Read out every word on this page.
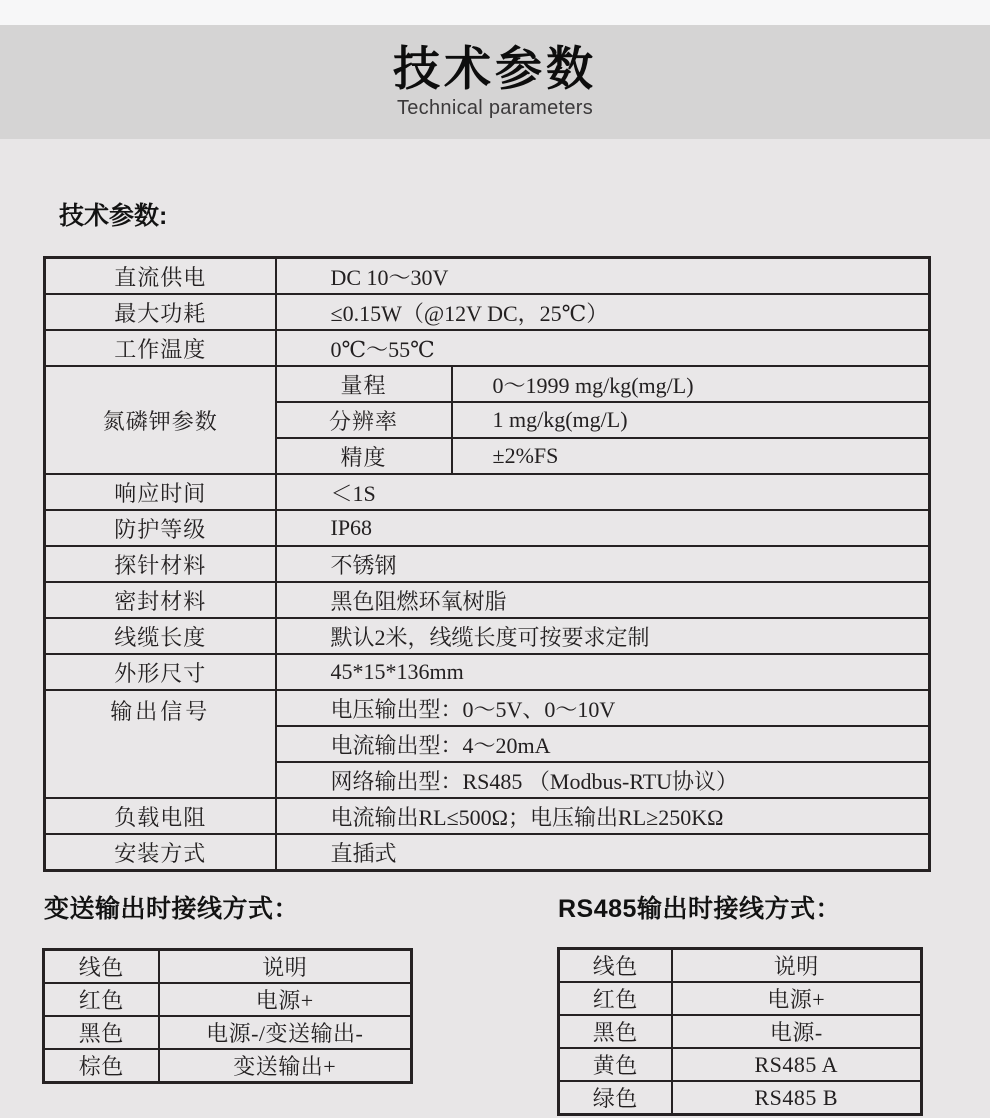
技术参数
Technical parameters
技术参数:
直流供电	DC 10～30V	
最大功耗	≤0.15W（@12V DC，25℃）	
工作温度	0℃～55℃	
氮磷钾参数	量程	0～1999 mg/kg(mg/L)
	分辨率	1 mg/kg(mg/L)
	精度	±2%FS
响应时间	＜1S	
防护等级	IP68	
探针材料	不锈钢	
密封材料	黑色阻燃环氧树脂	
线缆长度	默认2米，线缆长度可按要求定制	
外形尺寸	45*15*136mm	
输出信号	电压输出型：0～5V、0～10V	
	电流输出型：4～20mA	
	网络输出型：RS485 （Modbus-RTU协议）	
负载电阻	电流输出RL≤500Ω；电压输出RL≥250KΩ	
安装方式	直插式	
变送输出时接线方式：
线色	说明
红色	电源+
黑色	电源-/变送输出-
棕色	变送输出+
RS485输出时接线方式：
线色	说明
红色	电源+
黑色	电源-
黄色	RS485 A
绿色	RS485 B
